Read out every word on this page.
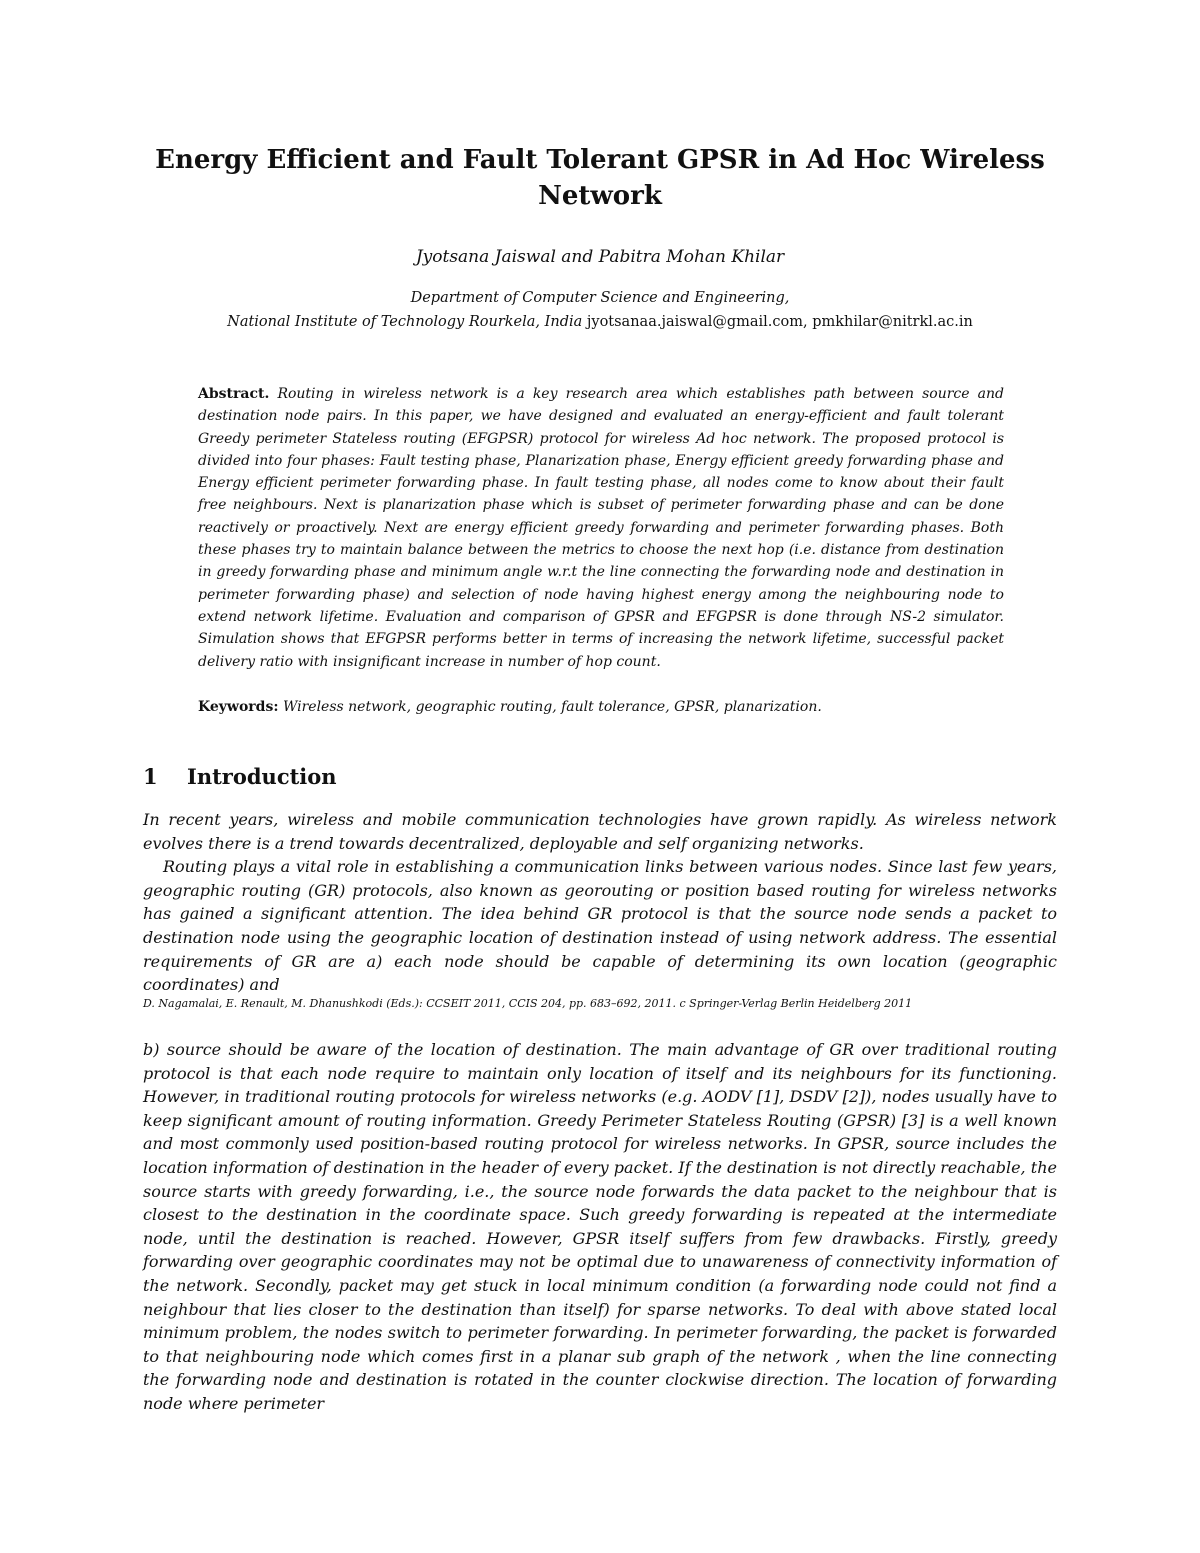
Energy Efficient and Fault Tolerant GPSR in Ad Hoc Wireless Network
Jyotsana Jaiswal and Pabitra Mohan Khilar
Department of Computer Science and Engineering,
National Institute of Technology Rourkela, India jyotsanaa.jaiswal@gmail.com, pmkhilar@nitrkl.ac.in
Abstract. Routing in wireless network is a key research area which establishes path between source and destination node pairs. In this paper, we have designed and evaluated an energy-efficient and fault tolerant Greedy perimeter Stateless routing (EFGPSR) protocol for wireless Ad hoc network. The proposed protocol is divided into four phases: Fault testing phase, Planarization phase, Energy efficient greedy forwarding phase and Energy efficient perimeter forwarding phase. In fault testing phase, all nodes come to know about their fault free neighbours. Next is planarization phase which is subset of perimeter forwarding phase and can be done reactively or proactively. Next are energy efficient greedy forwarding and perimeter forwarding phases. Both these phases try to maintain balance between the metrics to choose the next hop (i.e. distance from destination in greedy forwarding phase and minimum angle w.r.t the line connecting the forwarding node and destination in perimeter forwarding phase) and selection of node having highest energy among the neighbouring node to extend network lifetime. Evaluation and comparison of GPSR and EFGPSR is done through NS-2 simulator. Simulation shows that EFGPSR performs better in terms of increasing the network lifetime, successful packet delivery ratio with insignificant increase in number of hop count.
Keywords: Wireless network, geographic routing, fault tolerance, GPSR, planarization.
1 Introduction

In recent years, wireless and mobile communication technologies have grown rapidly. As wireless network evolves there is a trend towards decentralized, deployable and self organizing networks.

Routing plays a vital role in establishing a communication links between various nodes. Since last few years, geographic routing (GR) protocols, also known as georouting or position based routing for wireless networks has gained a significant attention. The idea behind GR protocol is that the source node sends a packet to destination node using the geographic location of destination instead of using network address. The essential requirements of GR are a) each node should be capable of determining its own location (geographic coordinates) and

D. Nagamalai, E. Renault, M. Dhanushkodi (Eds.): CCSEIT 2011, CCIS 204, pp. 683–692, 2011. c Springer-Verlag Berlin Heidelberg 2011

b) source should be aware of the location of destination. The main advantage of GR over traditional routing protocol is that each node require to maintain only location of itself and its neighbours for its functioning. However, in traditional routing protocols for wireless networks (e.g. AODV [1], DSDV [2]), nodes usually have to keep significant amount of routing information. Greedy Perimeter Stateless Routing (GPSR) [3] is a well known and most commonly used position-based routing protocol for wireless networks. In GPSR, source includes the location information of destination in the header of every packet. If the destination is not directly reachable, the source starts with greedy forwarding, i.e., the source node forwards the data packet to the neighbour that is closest to the destination in the coordinate space. Such greedy forwarding is repeated at the intermediate node, until the destination is reached. However, GPSR itself suffers from few drawbacks. Firstly, greedy forwarding over geographic coordinates may not be optimal due to unawareness of connectivity information of the network. Secondly, packet may get stuck in local minimum condition (a forwarding node could not find a neighbour that lies closer to the destination than itself) for sparse networks. To deal with above stated local minimum problem, the nodes switch to perimeter forwarding. In perimeter forwarding, the packet is forwarded to that neighbouring node which comes first in a planar sub graph of the network , when the line connecting the forwarding node and destination is rotated in the counter clockwise direction. The location of forwarding node where perimeter
